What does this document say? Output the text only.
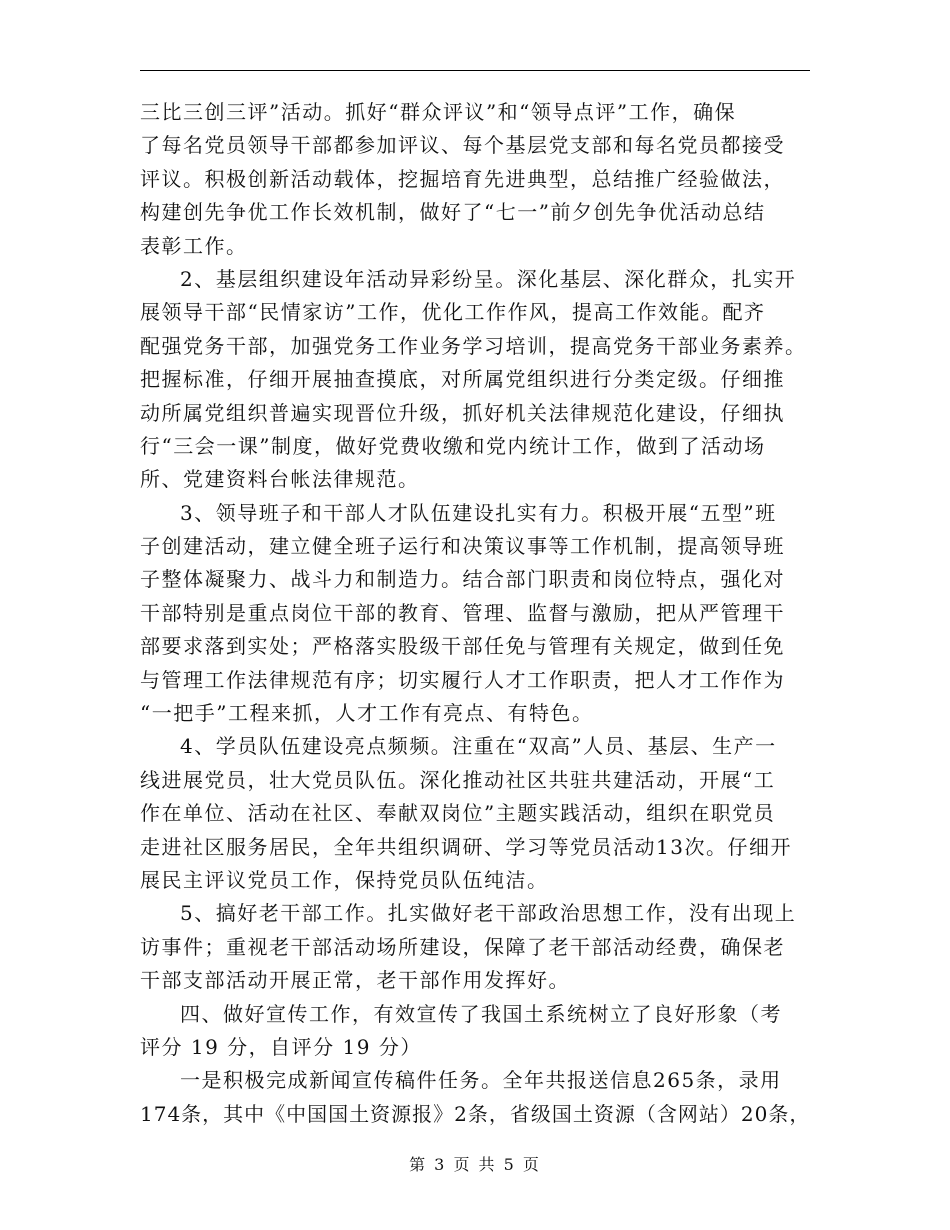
三比三创三评”活动。抓好“群众评议”和“领导点评”工作，确保
了每名党员领导干部都参加评议、每个基层党支部和每名党员都接受
评议。积极创新活动载体，挖掘培育先进典型，总结推广经验做法，
构建创先争优工作长效机制，做好了“七一”前夕创先争优活动总结
表彰工作。
2、基层组织建设年活动异彩纷呈。深化基层、深化群众，扎实开
展领导干部“民情家访”工作，优化工作作风，提高工作效能。配齐
配强党务干部，加强党务工作业务学习培训，提高党务干部业务素养。
把握标准，仔细开展抽查摸底，对所属党组织进行分类定级。仔细推
动所属党组织普遍实现晋位升级，抓好机关法律规范化建设，仔细执
行“三会一课”制度，做好党费收缴和党内统计工作，做到了活动场
所、党建资料台帐法律规范。
3、领导班子和干部人才队伍建设扎实有力。积极开展“五型”班
子创建活动，建立健全班子运行和决策议事等工作机制，提高领导班
子整体凝聚力、战斗力和制造力。结合部门职责和岗位特点，强化对
干部特别是重点岗位干部的教育、管理、监督与激励，把从严管理干
部要求落到实处；严格落实股级干部任免与管理有关规定，做到任免
与管理工作法律规范有序；切实履行人才工作职责，把人才工作作为
“一把手”工程来抓，人才工作有亮点、有特色。
4、学员队伍建设亮点频频。注重在“双高”人员、基层、生产一
线进展党员，壮大党员队伍。深化推动社区共驻共建活动，开展“工
作在单位、活动在社区、奉献双岗位”主题实践活动，组织在职党员
走进社区服务居民，全年共组织调研、学习等党员活动13次。仔细开
展民主评议党员工作，保持党员队伍纯洁。
5、搞好老干部工作。扎实做好老干部政治思想工作，没有出现上
访事件；重视老干部活动场所建设，保障了老干部活动经费，确保老
干部支部活动开展正常，老干部作用发挥好。
四、做好宣传工作，有效宣传了我国土系统树立了良好形象（考
评分 19 分，自评分 19 分）
一是积极完成新闻宣传稿件任务。全年共报送信息265条，录用
174条，其中《中国国土资源报》2条，省级国土资源（含网站）20条，
第 3 页 共 5 页
